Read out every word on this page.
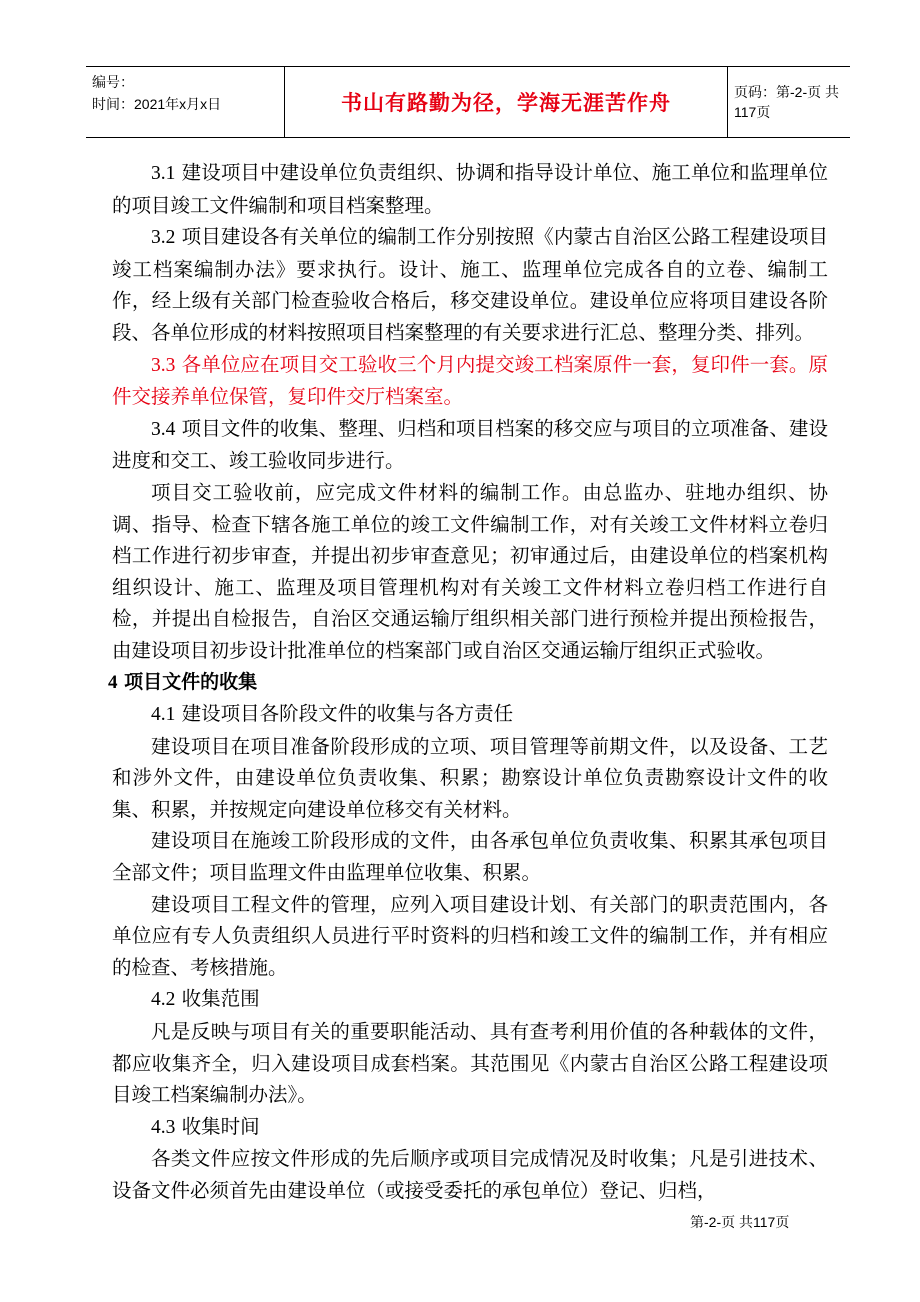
编号：
时间：2021年x月x日	书山有路勤为径，学海无涯苦作舟	页码：第-2-页 共117页

3.1 建设项目中建设单位负责组织、协调和指导设计单位、施工单位和监理单位的项目竣工文件编制和项目档案整理。

3.2 项目建设各有关单位的编制工作分别按照《内蒙古自治区公路工程建设项目竣工档案编制办法》要求执行。设计、施工、监理单位完成各自的立卷、编制工作，经上级有关部门检查验收合格后，移交建设单位。建设单位应将项目建设各阶段、各单位形成的材料按照项目档案整理的有关要求进行汇总、整理分类、排列。

3.3 各单位应在项目交工验收三个月内提交竣工档案原件一套，复印件一套。原件交接养单位保管，复印件交厅档案室。

3.4 项目文件的收集、整理、归档和项目档案的移交应与项目的立项准备、建设进度和交工、竣工验收同步进行。

项目交工验收前，应完成文件材料的编制工作。由总监办、驻地办组织、协调、指导、检查下辖各施工单位的竣工文件编制工作，对有关竣工文件材料立卷归档工作进行初步审查，并提出初步审查意见；初审通过后，由建设单位的档案机构组织设计、施工、监理及项目管理机构对有关竣工文件材料立卷归档工作进行自检，并提出自检报告，自治区交通运输厅组织相关部门进行预检并提出预检报告，由建设项目初步设计批准单位的档案部门或自治区交通运输厅组织正式验收。

4 项目文件的收集

4.1 建设项目各阶段文件的收集与各方责任

建设项目在项目准备阶段形成的立项、项目管理等前期文件，以及设备、工艺和涉外文件，由建设单位负责收集、积累；勘察设计单位负责勘察设计文件的收集、积累，并按规定向建设单位移交有关材料。

建设项目在施竣工阶段形成的文件，由各承包单位负责收集、积累其承包项目全部文件；项目监理文件由监理单位收集、积累。

建设项目工程文件的管理，应列入项目建设计划、有关部门的职责范围内，各单位应有专人负责组织人员进行平时资料的归档和竣工文件的编制工作，并有相应的检查、考核措施。

4.2 收集范围

凡是反映与项目有关的重要职能活动、具有查考利用价值的各种载体的文件，都应收集齐全，归入建设项目成套档案。其范围见《内蒙古自治区公路工程建设项目竣工档案编制办法》。

4.3 收集时间

各类文件应按文件形成的先后顺序或项目完成情况及时收集；凡是引进技术、设备文件必须首先由建设单位（或接受委托的承包单位）登记、归档，

第-2-页 共117页
